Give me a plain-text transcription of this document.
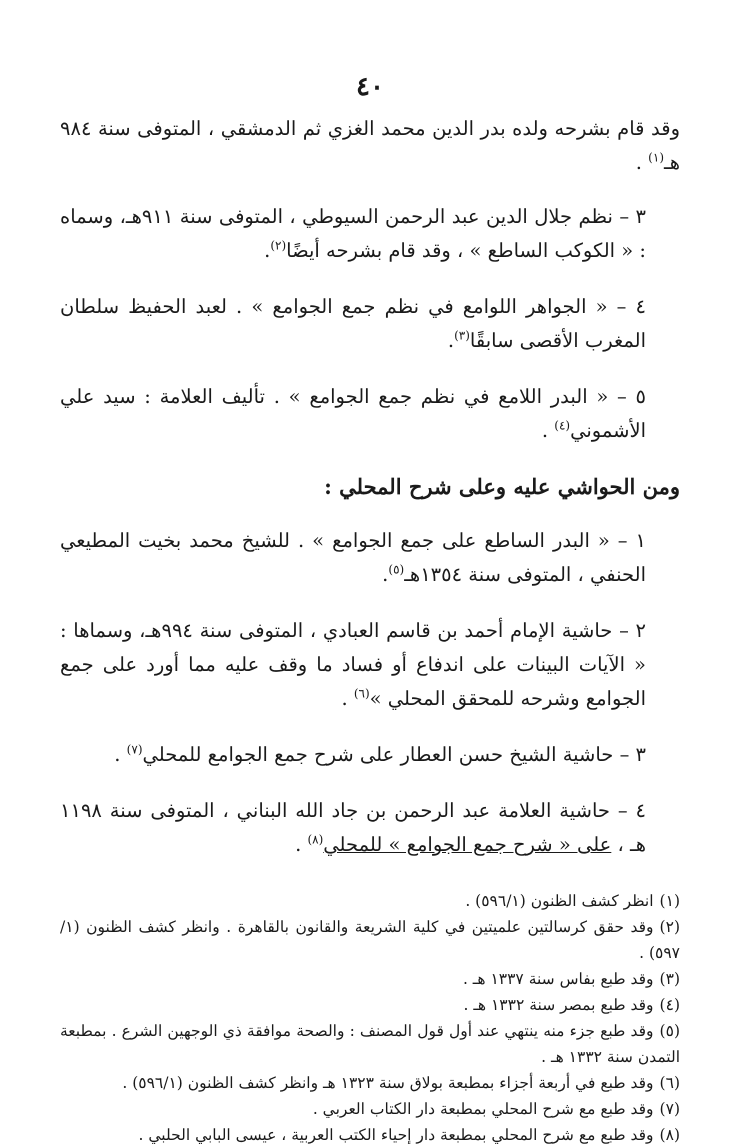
٤٠

وقد قام بشرحه ولده بدر الدين محمد الغزي ثم الدمشقي ، المتوفى سنة ٩٨٤ هـ$^{(١)}$ .

٣ – نظم جلال الدين عبد الرحمن السيوطي ، المتوفى سنة ٩١١هـ، وسماه : « الكوكب الساطع » ، وقد قام بشرحه أيضًا$^{(٢)}$.

٤ – « الجواهر اللوامع في نظم جمع الجوامع » . لعبد الحفيظ سلطان المغرب الأقصى سابقًا$^{(٣)}$.

٥ – « البدر اللامع في نظم جمع الجوامع » . تأليف العلامة : سيد علي الأشموني$^{(٤)}$ .

ومن الحواشي عليه وعلى شرح المحلي :

١ – « البدر الساطع على جمع الجوامع » . للشيخ محمد بخيت المطيعي الحنفي ، المتوفى سنة ١٣٥٤هـ$^{(٥)}$.

٢ – حاشية الإمام أحمد بن قاسم العبادي ، المتوفى سنة ٩٩٤هـ، وسماها : « الآيات البينات على اندفاع أو فساد ما وقف عليه مما أورد على جمع الجوامع وشرحه للمحقق المحلي »$^{(٦)}$ .

٣ – حاشية الشيخ حسن العطار على شرح جمع الجوامع للمحلي$^{(٧)}$ .

٤ – حاشية العلامة عبد الرحمن بن جاد الله البناني ، المتوفى سنة ١١٩٨ هـ ، على « شرح جمع الجوامع » للمحلي$^{(٨)}$ .

(١)انظر كشف الظنون (٥٩٦/١) .

(٢)وقد حقق كرسالتين علميتين في كلية الشريعة والقانون بالقاهرة . وانظر كشف الظنون (١/ ٥٩٧) .

(٣)وقد طبع بفاس سنة ١٣٣٧ هـ .

(٤)وقد طبع بمصر سنة ١٣٣٢ هـ .

(٥)وقد طبع جزء منه ينتهي عند أول قول المصنف : والصحة موافقة ذي الوجهين الشرع . بمطبعة التمدن سنة ١٣٣٢ هـ .

(٦)وقد طبع في أربعة أجزاء بمطبعة بولاق سنة ١٣٢٣ هـ وانظر كشف الظنون (٥٩٦/١) .

(٧)وقد طبع مع شرح المحلي بمطبعة دار الكتاب العربي .

(٨)وقد طبع مع شرح المحلي بمطبعة دار إحياء الكتب العربية ، عيسى البابي الحلبي .
